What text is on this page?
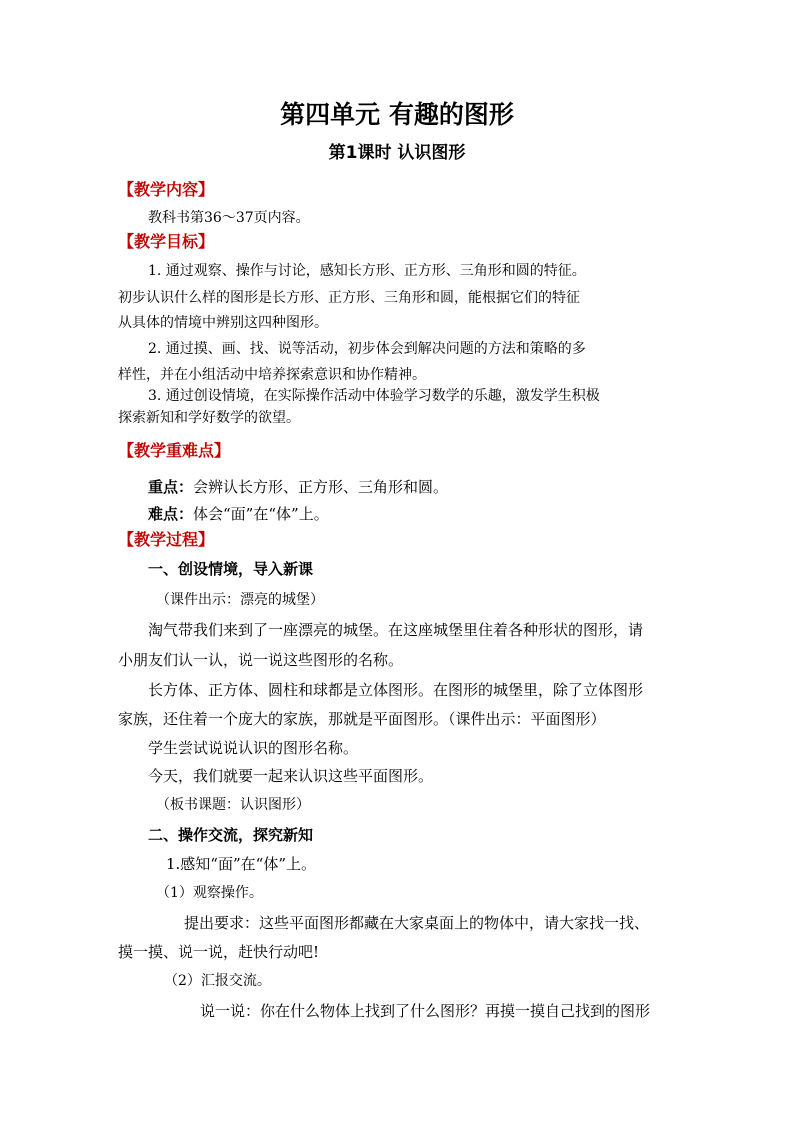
第四单元 有趣的图形
第1课时 认识图形
【教学内容】
教科书第36～37页内容。
【教学目标】
1. 通过观察、操作与讨论，感知长方形、正方形、三角形和圆的特征。
初步认识什么样的图形是长方形、正方形、三角形和圆，能根据它们的特征
从具体的情境中辨别这四种图形。
2. 通过摸、画、找、说等活动，初步体会到解决问题的方法和策略的多
样性，并在小组活动中培养探索意识和协作精神。
3. 通过创设情境，在实际操作活动中体验学习数学的乐趣，激发学生积极
探索新知和学好数学的欲望。
【教学重难点】
重点：会辨认长方形、正方形、三角形和圆。
难点：体会“面”在“体”上。
【教学过程】
一、创设情境，导入新课
（课件出示：漂亮的城堡）
淘气带我们来到了一座漂亮的城堡。在这座城堡里住着各种形状的图形，请
小朋友们认一认，说一说这些图形的名称。
长方体、正方体、圆柱和球都是立体图形。在图形的城堡里，除了立体图形
家族，还住着一个庞大的家族，那就是平面图形。（课件出示：平面图形）
学生尝试说说认识的图形名称。
今天，我们就要一起来认识这些平面图形。
（板书课题：认识图形）
二、操作交流，探究新知
1.感知“面”在“体”上。
（1）观察操作。
提出要求：这些平面图形都藏在大家桌面上的物体中，请大家找一找、
摸一摸、说一说，赶快行动吧!
（2）汇报交流。
说一说：你在什么物体上找到了什么图形？再摸一摸自己找到的图形
